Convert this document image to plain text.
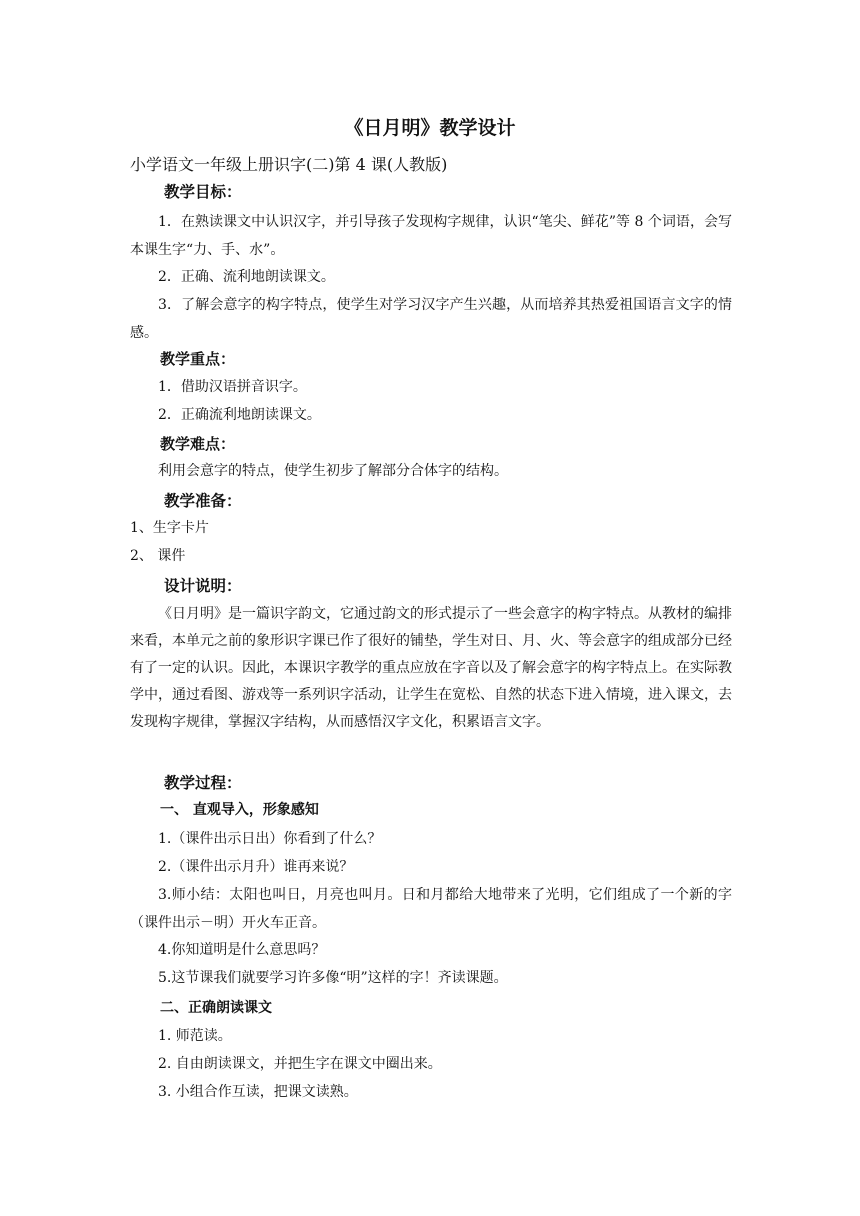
《日月明》教学设计
小学语文一年级上册识字(二)第 4 课(人教版)
教学目标：
1．在熟读课文中认识汉字，并引导孩子发现构字规律，认识“笔尖、鲜花”等 8 个词语，会写本课生字“力、手、水”。
2．正确、流利地朗读课文。
3．了解会意字的构字特点，使学生对学习汉字产生兴趣，从而培养其热爱祖国语言文字的情感。
教学重点：
1．借助汉语拼音识字。
2．正确流利地朗读课文。
教学难点：
利用会意字的特点，使学生初步了解部分合体字的结构。
教学准备：
1、生字卡片
2、 课件
设计说明：
《日月明》是一篇识字韵文，它通过韵文的形式提示了一些会意字的构字特点。从教材的编排来看，本单元之前的象形识字课已作了很好的铺垫，学生对日、月、火、等会意字的组成部分已经有了一定的认识。因此，本课识字教学的重点应放在字音以及了解会意字的构字特点上。在实际教学中，通过看图、游戏等一系列识字活动，让学生在宽松、自然的状态下进入情境，进入课文，去发现构字规律，掌握汉字结构，从而感悟汉字文化，积累语言文字。
教学过程：
一、 直观导入，形象感知
1.（课件出示日出）你看到了什么？
2.（课件出示月升）谁再来说？
3.师小结：太阳也叫日，月亮也叫月。日和月都给大地带来了光明，它们组成了一个新的字（课件出示－明）开火车正音。
4.你知道明是什么意思吗？
5.这节课我们就要学习许多像“明”这样的字！齐读课题。
二、正确朗读课文
1. 师范读。
2. 自由朗读课文，并把生字在课文中圈出来。
3. 小组合作互读，把课文读熟。
